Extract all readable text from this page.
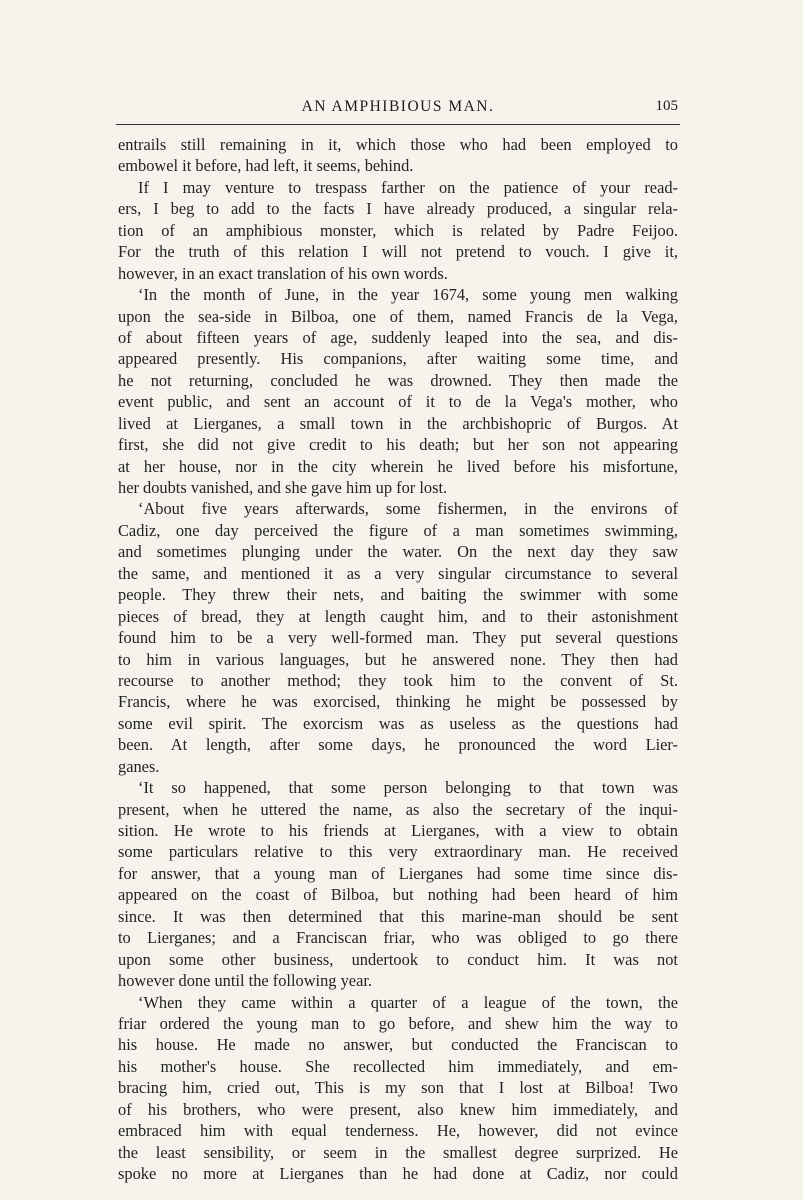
AN AMPHIBIOUS MAN.	105
entrails still remaining in it, which those who had been employed to
embowel it before, had left, it seems, behind.
If I may venture to trespass farther on the patience of your read-
ers, I beg to add to the facts I have already produced, a singular rela-
tion of an amphibious monster, which is related by Padre Feijoo.
For the truth of this relation I will not pretend to vouch. I give it,
however, in an exact translation of his own words.
‘In the month of June, in the year 1674, some young men walking
upon the sea-side in Bilboa, one of them, named Francis de la Vega,
of about fifteen years of age, suddenly leaped into the sea, and dis-
appeared presently. His companions, after waiting some time, and
he not returning, concluded he was drowned. They then made the
event public, and sent an account of it to de la Vega's mother, who
lived at Lierganes, a small town in the archbishopric of Burgos. At
first, she did not give credit to his death; but her son not appearing
at her house, nor in the city wherein he lived before his misfortune,
her doubts vanished, and she gave him up for lost.
‘About five years afterwards, some fishermen, in the environs of
Cadiz, one day perceived the figure of a man sometimes swimming,
and sometimes plunging under the water. On the next day they saw
the same, and mentioned it as a very singular circumstance to several
people. They threw their nets, and baiting the swimmer with some
pieces of bread, they at length caught him, and to their astonishment
found him to be a very well-formed man. They put several questions
to him in various languages, but he answered none. They then had
recourse to another method; they took him to the convent of St.
Francis, where he was exorcised, thinking he might be possessed by
some evil spirit. The exorcism was as useless as the questions had
been. At length, after some days, he pronounced the word Lier-
ganes.
‘It so happened, that some person belonging to that town was
present, when he uttered the name, as also the secretary of the inqui-
sition. He wrote to his friends at Lierganes, with a view to obtain
some particulars relative to this very extraordinary man. He received
for answer, that a young man of Lierganes had some time since dis-
appeared on the coast of Bilboa, but nothing had been heard of him
since. It was then determined that this marine-man should be sent
to Lierganes; and a Franciscan friar, who was obliged to go there
upon some other business, undertook to conduct him. It was not
however done until the following year.
‘When they came within a quarter of a league of the town, the
friar ordered the young man to go before, and shew him the way to
his house. He made no answer, but conducted the Franciscan to
his mother's house. She recollected him immediately, and em-
bracing him, cried out, This is my son that I lost at Bilboa! Two
of his brothers, who were present, also knew him immediately, and
embraced him with equal tenderness. He, however, did not evince
the least sensibility, or seem in the smallest degree surprized. He
spoke no more at Lierganes than he had done at Cadiz, nor could
